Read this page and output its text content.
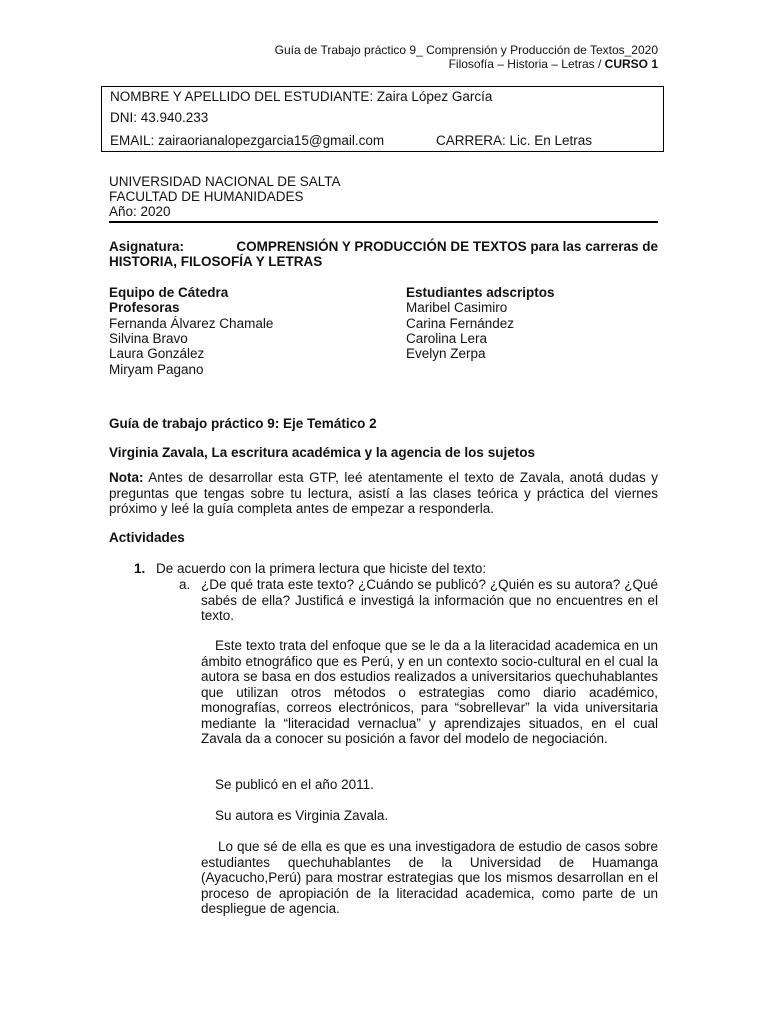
Guía de Trabajo práctico 9_ Comprensión y Producción de Textos_2020
Filosofía – Historia – Letras / CURSO 1
NOMBRE Y APELLIDO DEL ESTUDIANTE: Zaira López García
DNI: 43.940.233
EMAIL: zairaorianalopezgarcia15@gmail.com	CARRERA: Lic. En Letras
UNIVERSIDAD NACIONAL DE SALTA
FACULTAD DE HUMANIDADES
Año: 2020
Asignatura:	COMPRENSIÓN Y PRODUCCIÓN DE TEXTOS para las carreras de
HISTORIA, FILOSOFÍA Y LETRAS
Equipo de Cátedra
Profesoras
Fernanda Álvarez Chamale
Silvina Bravo
Laura González
Miryam Pagano
Estudiantes adscriptos
Maribel Casimiro
Carina Fernández
Carolina Lera
Evelyn Zerpa
Guía de trabajo práctico 9: Eje Temático 2
Virginia Zavala, La escritura académica y la agencia de los sujetos
Nota: Antes de desarrollar esta GTP, leé atentamente el texto de Zavala, anotá dudas y preguntas que tengas sobre tu lectura, asistí a las clases teórica y práctica del viernes próximo y leé la guía completa antes de empezar a responderla.
Actividades
1. De acuerdo con la primera lectura que hiciste del texto:
a. ¿De qué trata este texto? ¿Cuándo se publicó? ¿Quién es su autora? ¿Qué sabés de ella? Justificá e investigá la información que no encuentres en el texto.
Este texto trata del enfoque que se le da a la literacidad academica en un ámbito etnográfico que es Perú, y en un contexto socio-cultural en el cual la autora se basa en dos estudios realizados a universitarios quechuhablantes que utilizan otros métodos o estrategias como diario académico, monografías, correos electrónicos, para “sobrellevar” la vida universitaria mediante la “literacidad vernaclua” y aprendizajes situados, en el cual Zavala da a conocer su posición a favor del modelo de negociación.
Se publicó en el año 2011.
Su autora es Virginia Zavala.
Lo que sé de ella es que es una investigadora de estudio de casos sobre estudiantes quechuhablantes de la Universidad de Huamanga (Ayacucho,Perú) para mostrar estrategias que los mismos desarrollan en el proceso de apropiación de la literacidad academica, como parte de un despliegue de agencia.
